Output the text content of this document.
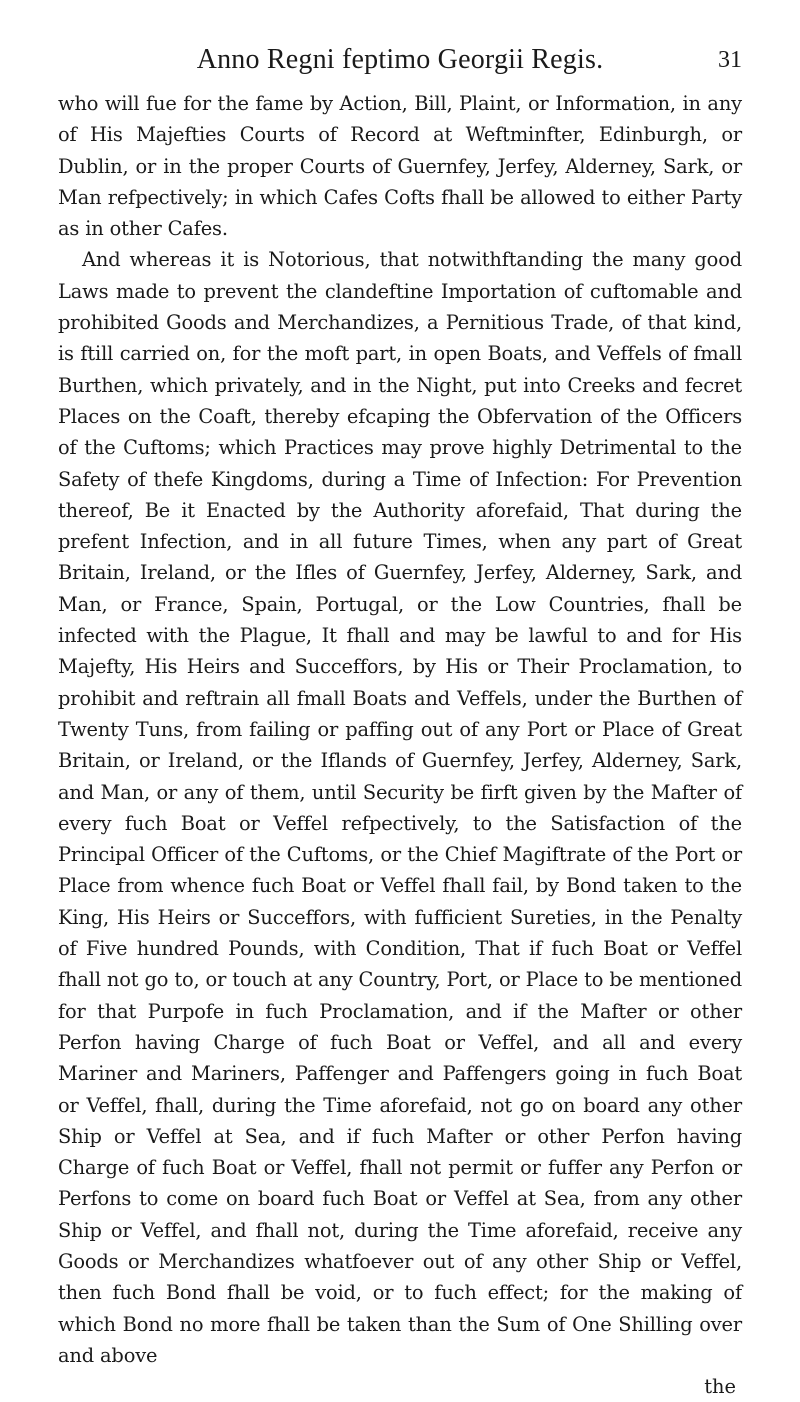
Anno Regni feptimo Georgii Regis.	31

who will fue for the fame by Action, Bill, Plaint, or Information, in any of His Majefties Courts of Record at Weftminfter, Edinburgh, or Dublin, or in the proper Courts of Guernfey, Jerfey, Alderney, Sark, or Man refpectively; in which Cafes Cofts fhall be allowed to either Party as in other Cafes.

And whereas it is Notorious, that notwithftanding the many good Laws made to prevent the clandeftine Importation of cuftomable and prohibited Goods and Merchandizes, a Pernitious Trade, of that kind, is ftill carried on, for the moft part, in open Boats, and Veffels of fmall Burthen, which privately, and in the Night, put into Creeks and fecret Places on the Coaft, thereby efcaping the Obfervation of the Officers of the Cuftoms; which Practices may prove highly Detrimental to the Safety of thefe Kingdoms, during a Time of Infection: For Prevention thereof, Be it Enacted by the Authority aforefaid, That during the prefent Infection, and in all future Times, when any part of Great Britain, Ireland, or the Ifles of Guernfey, Jerfey, Alderney, Sark, and Man, or France, Spain, Portugal, or the Low Countries, fhall be infected with the Plague, It fhall and may be lawful to and for His Majefty, His Heirs and Succeffors, by His or Their Proclamation, to prohibit and reftrain all fmall Boats and Veffels, under the Burthen of Twenty Tuns, from failing or paffing out of any Port or Place of Great Britain, or Ireland, or the Iflands of Guernfey, Jerfey, Alderney, Sark, and Man, or any of them, until Security be firft given by the Mafter of every fuch Boat or Veffel refpectively, to the Satisfaction of the Principal Officer of the Cuftoms, or the Chief Magiftrate of the Port or Place from whence fuch Boat or Veffel fhall fail, by Bond taken to the King, His Heirs or Succeffors, with fufficient Sureties, in the Penalty of Five hundred Pounds, with Condition, That if fuch Boat or Veffel fhall not go to, or touch at any Country, Port, or Place to be mentioned for that Purpofe in fuch Proclamation, and if the Mafter or other Perfon having Charge of fuch Boat or Veffel, and all and every Mariner and Mariners, Paffenger and Paffengers going in fuch Boat or Veffel, fhall, during the Time aforefaid, not go on board any other Ship or Veffel at Sea, and if fuch Mafter or other Perfon having Charge of fuch Boat or Veffel, fhall not permit or fuffer any Perfon or Perfons to come on board fuch Boat or Veffel at Sea, from any other Ship or Veffel, and fhall not, during the Time aforefaid, receive any Goods or Merchandizes whatfoever out of any other Ship or Veffel, then fuch Bond fhall be void, or to fuch effect; for the making of which Bond no more fhall be taken than the Sum of One Shilling over and above

the
